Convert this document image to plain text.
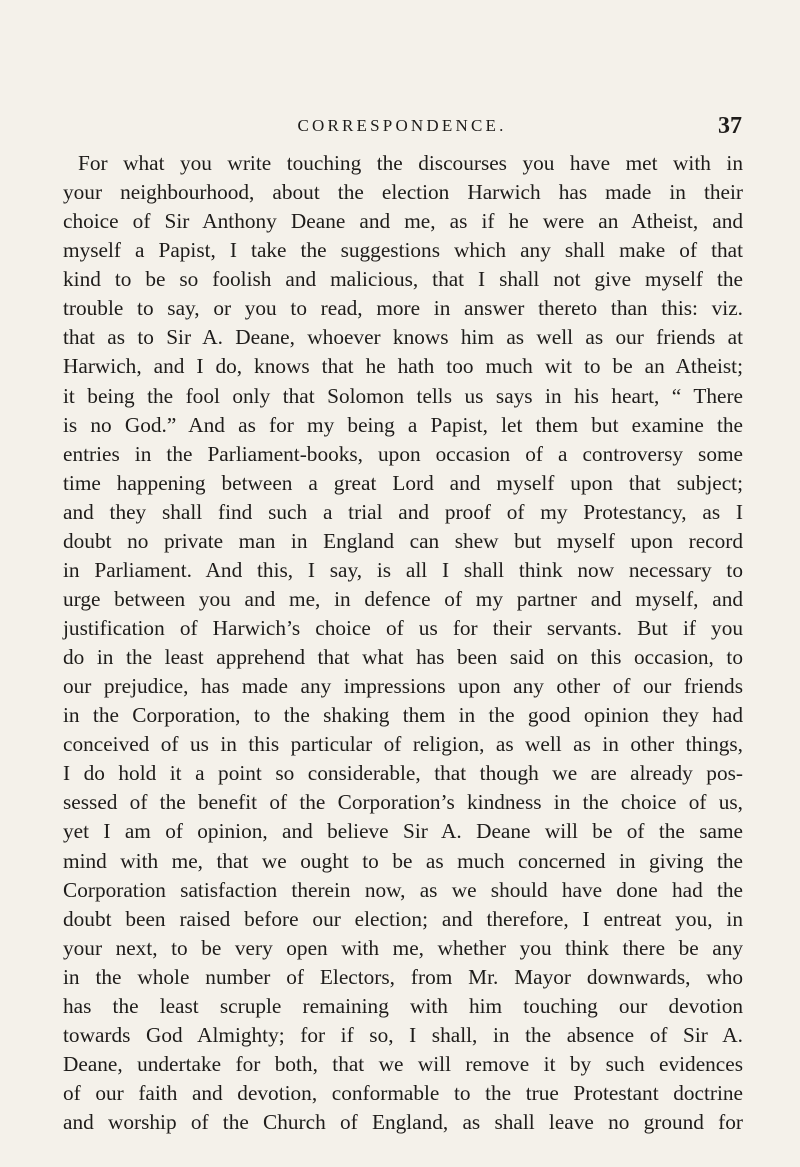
CORRESPONDENCE.	37
For what you write touching the discourses you have met with in
your neighbourhood, about the election Harwich has made in their
choice of Sir Anthony Deane and me, as if he were an Atheist, and
myself a Papist, I take the suggestions which any shall make of that
kind to be so foolish and malicious, that I shall not give myself the
trouble to say, or you to read, more in answer thereto than this: viz.
that as to Sir A. Deane, whoever knows him as well as our friends at
Harwich, and I do, knows that he hath too much wit to be an Atheist;
it being the fool only that Solomon tells us says in his heart, “ There
is no God.” And as for my being a Papist, let them but examine the
entries in the Parliament-books, upon occasion of a controversy some
time happening between a great Lord and myself upon that subject;
and they shall find such a trial and proof of my Protestancy, as I
doubt no private man in England can shew but myself upon record
in Parliament. And this, I say, is all I shall think now necessary to
urge between you and me, in defence of my partner and myself, and
justification of Harwich’s choice of us for their servants. But if you
do in the least apprehend that what has been said on this occasion, to
our prejudice, has made any impressions upon any other of our friends
in the Corporation, to the shaking them in the good opinion they had
conceived of us in this particular of religion, as well as in other things,
I do hold it a point so considerable, that though we are already pos-
sessed of the benefit of the Corporation’s kindness in the choice of us,
yet I am of opinion, and believe Sir A. Deane will be of the same
mind with me, that we ought to be as much concerned in giving the
Corporation satisfaction therein now, as we should have done had the
doubt been raised before our election; and therefore, I entreat you, in
your next, to be very open with me, whether you think there be any
in the whole number of Electors, from Mr. Mayor downwards, who
has the least scruple remaining with him touching our devotion
towards God Almighty; for if so, I shall, in the absence of Sir A.
Deane, undertake for both, that we will remove it by such evidences
of our faith and devotion, conformable to the true Protestant doctrine
and worship of the Church of England, as shall leave no ground for
